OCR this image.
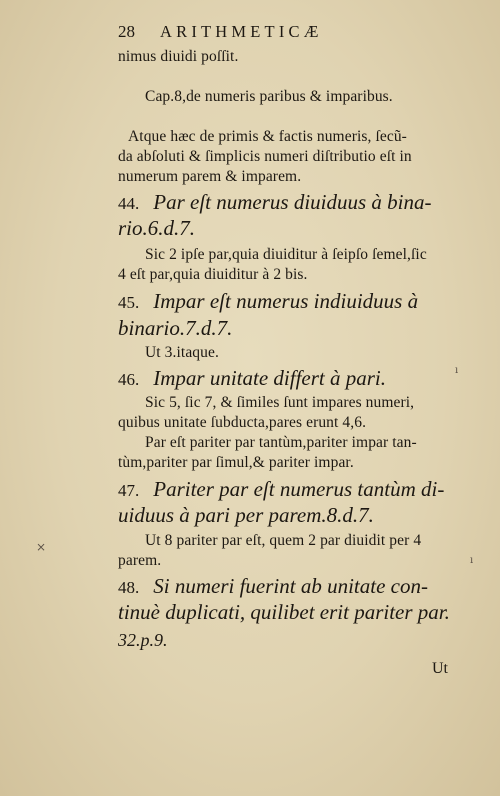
28 ARITHMETICÆ
nimus diuidi poſſit.
Cap.8,de numeris paribus & imparibus.
Atque hæc de primis & factis numeris, ſecũ-
da abſoluti & ſimplicis numeri diſtributio eſt in
numerum parem & imparem.
44. Par eſt numerus diuiduus à bina-
rio.6.d.7.
Sic 2 ipſe par,quia diuiditur à ſeipſo ſemel,ſic
4 eſt par,quia diuiditur à 2 bis.
45. Impar eſt numerus indiuiduus à
binario.7.d.7.
Ut 3.itaque.
46. Impar unitate differt à pari.
Sic 5, ſic 7, & ſimiles ſunt impares numeri,
quibus unitate ſubducta,pares erunt 4,6.
Par eſt pariter par tantùm,pariter impar tan-
tùm,pariter par ſimul,& pariter impar.
47. Pariter par eſt numerus tantùm di-
uiduus à pari per parem.8.d.7.
Ut 8 pariter par eſt, quem 2 par diuidit per 4
parem.
48. Si numeri fuerint ab unitate con-
tinuè duplicati, quilibet erit pariter par.
32.p.9.
Ut
×
ı
ı
